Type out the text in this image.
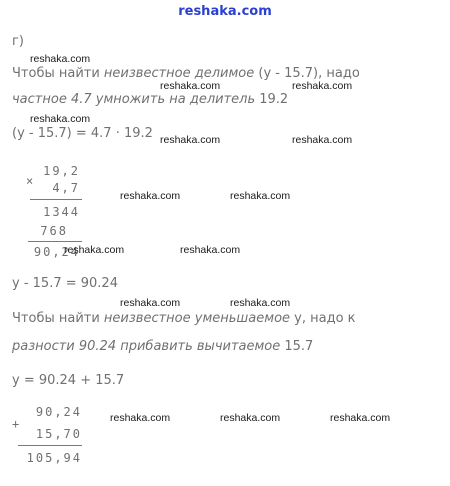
reshaka.com
г)
Чтобы найти неизвестное делимое (y - 15.7), надо
частное 4.7 умножить на делитель 19.2
(y - 15.7) = 4.7 · 19.2
×
19,2
4,7
1344
768
90,24
y - 15.7 = 90.24
Чтобы найти неизвестное уменьшаемое y, надо к
разности 90.24 прибавить вычитаемое 15.7
y = 90.24 + 15.7
+
90,24
15,70
105,94
reshaka.com
reshaka.com	reshaka.com
reshaka.com
reshaka.com	reshaka.com
reshaka.com	reshaka.com
reshaka.com	reshaka.com
reshaka.com	reshaka.com
reshaka.com	reshaka.com	reshaka.com
